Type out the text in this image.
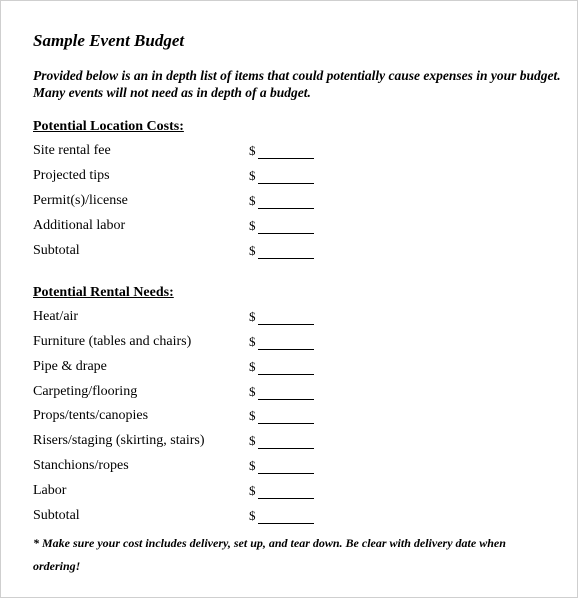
Sample Event Budget
Provided below is an in depth list of items that could potentially cause expenses in your budget. Many events will not need as in depth of a budget.
Potential Location Costs:
Site rental fee	$
Projected tips	$
Permit(s)/license	$
Additional labor	$
Subtotal	$
Potential Rental Needs:
Heat/air	$
Furniture (tables and chairs)	$
Pipe & drape	$
Carpeting/flooring	$
Props/tents/canopies	$
Risers/staging (skirting, stairs)	$
Stanchions/ropes	$
Labor	$
Subtotal	$
* Make sure your cost includes delivery, set up, and tear down. Be clear with delivery date when ordering!
